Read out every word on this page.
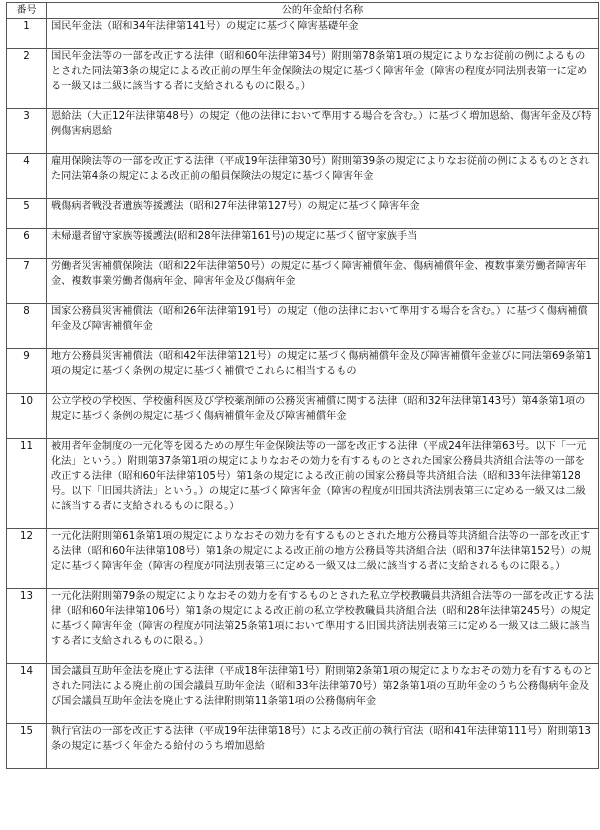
番号	公的年金給付名称
1	国民年金法（昭和34年法律第141号）の規定に基づく障害基礎年金

2	国民年金法等の一部を改正する法律（昭和60年法律第34号）附則第78条第1項の規定によりなお従前の例によるものとされた同法第3条の規定による改正前の厚生年金保険法の規定に基づく障害年金（障害の程度が同法別表第一に定める一級又は二級に該当する者に支給されるものに限る。）

3	恩給法（大正12年法律第48号）の規定（他の法律において準用する場合を含む。）に基づく増加恩給、傷害年金及び特例傷害病恩給

4	雇用保険法等の一部を改正する法律（平成19年法律第30号）附則第39条の規定によりなお従前の例によるものとされた同法第4条の規定による改正前の船員保険法の規定に基づく障害年金

5	戦傷病者戦没者遺族等援護法（昭和27年法律第127号）の規定に基づく障害年金

6	未帰還者留守家族等援護法(昭和28年法律第161号)の規定に基づく留守家族手当

7	労働者災害補償保険法（昭和22年法律第50号）の規定に基づく障害補償年金、傷病補償年金、複数事業労働者障害年金、複数事業労働者傷病年金、障害年金及び傷病年金

8	国家公務員災害補償法（昭和26年法律第191号）の規定（他の法律において準用する場合を含む。）に基づく傷病補償年金及び障害補償年金

9	地方公務員災害補償法（昭和42年法律第121号）の規定に基づく傷病補償年金及び障害補償年金並びに同法第69条第1項の規定に基づく条例の規定に基づく補償でこれらに相当するもの

10	公立学校の学校医、学校歯科医及び学校薬剤師の公務災害補償に関する法律（昭和32年法律第143号）第4条第1項の規定に基づく条例の規定に基づく傷病補償年金及び障害補償年金

11	被用者年金制度の一元化等を図るための厚生年金保険法等の一部を改正する法律（平成24年法律第63号。以下「一元化法」という。）附則第37条第1項の規定によりなおその効力を有するものとされた国家公務員共済組合法等の一部を改正する法律（昭和60年法律第105号）第1条の規定による改正前の国家公務員等共済組合法（昭和33年法律第128号。以下「旧国共済法」という。）の規定に基づく障害年金（障害の程度が旧国共済法別表第三に定める一級又は二級に該当する者に支給されるものに限る。）

12	一元化法附則第61条第1項の規定によりなおその効力を有するものとされた地方公務員等共済組合法等の一部を改正する法律（昭和60年法律第108号）第1条の規定による改正前の地方公務員等共済組合法（昭和37年法律第152号）の規定に基づく障害年金（障害の程度が同法別表第三に定める一級又は二級に該当する者に支給されるものに限る。）

13	一元化法附則第79条の規定によりなおその効力を有するものとされた私立学校教職員共済組合法等の一部を改正する法律（昭和60年法律第106号）第1条の規定による改正前の私立学校教職員共済組合法（昭和28年法律第245号）の規定に基づく障害年金（障害の程度が同法第25条第1項において準用する旧国共済法別表第三に定める一級又は二級に該当する者に支給されるものに限る。）

14	国会議員互助年金法を廃止する法律（平成18年法律第1号）附則第2条第1項の規定によりなおその効力を有するものとされた同法による廃止前の国会議員互助年金法（昭和33年法律第70号）第2条第1項の互助年金のうち公務傷病年金及び国会議員互助年金法を廃止する法律附則第11条第1項の公務傷病年金

15	執行官法の一部を改正する法律（平成19年法律第18号）による改正前の執行官法（昭和41年法律第111号）附則第13条の規定に基づく年金たる給付のうち増加恩給
